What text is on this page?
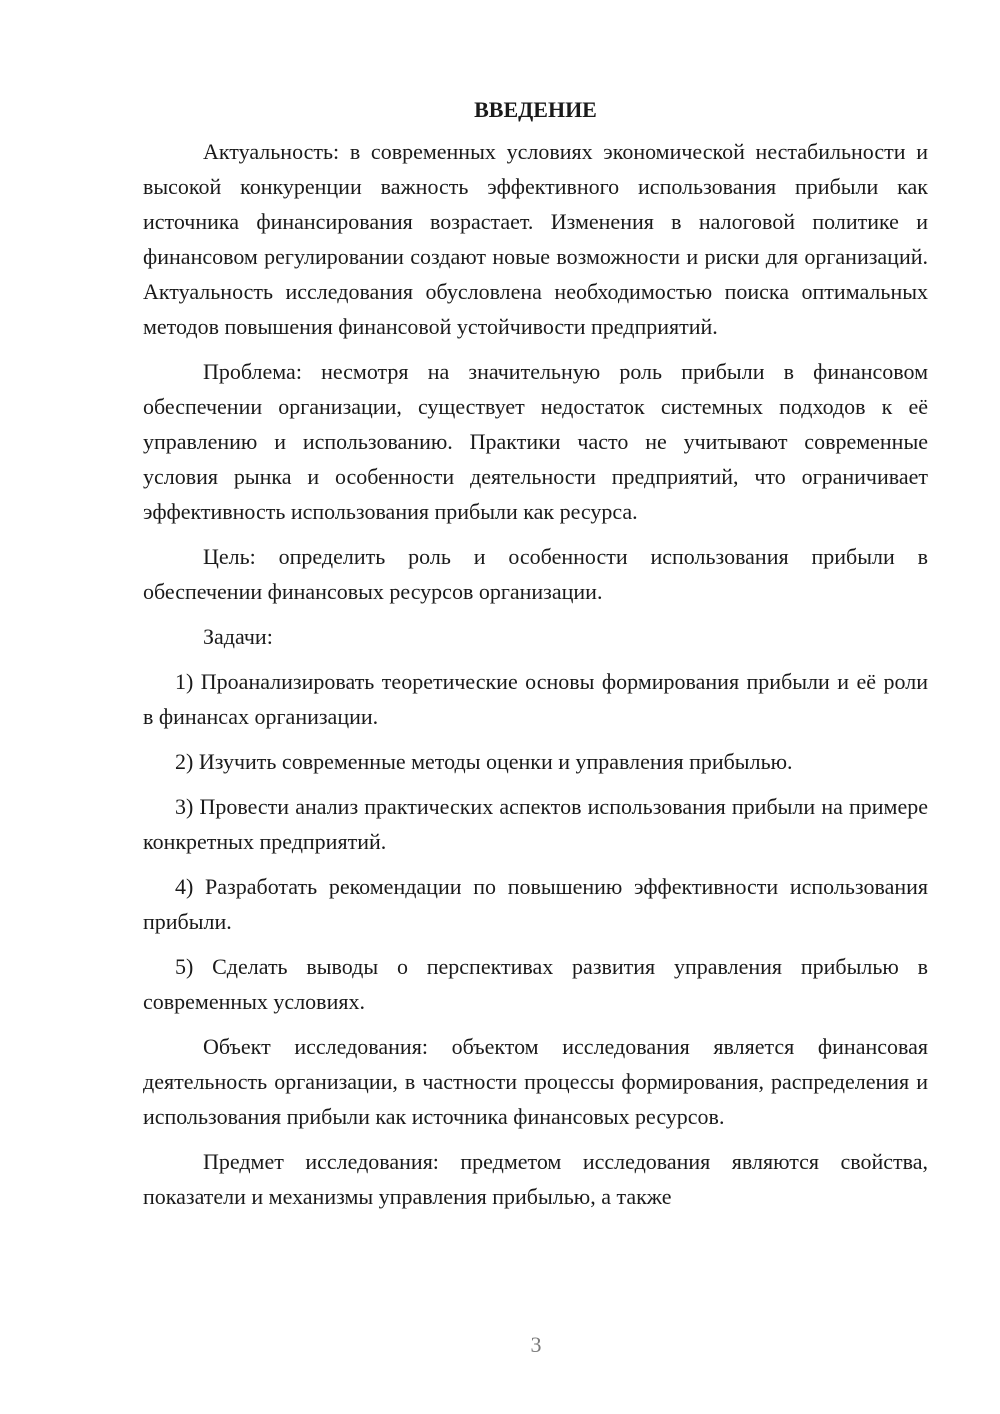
ВВЕДЕНИЕ

Актуальность: в современных условиях экономической нестабильности и высокой конкуренции важность эффективного использования прибыли как источника финансирования возрастает. Изменения в налоговой политике и финансовом регулировании создают новые возможности и риски для организаций. Актуальность исследования обусловлена необходимостью поиска оптимальных методов повышения финансовой устойчивости предприятий.

Проблема: несмотря на значительную роль прибыли в финансовом обеспечении организации, существует недостаток системных подходов к её управлению и использованию. Практики часто не учитывают современные условия рынка и особенности деятельности предприятий, что ограничивает эффективность использования прибыли как ресурса.

Цель: определить роль и особенности использования прибыли в обеспечении финансовых ресурсов организации.

Задачи:

1) Проанализировать теоретические основы формирования прибыли и её роли в финансах организации.

2) Изучить современные методы оценки и управления прибылью.

3) Провести анализ практических аспектов использования прибыли на примере конкретных предприятий.

4) Разработать рекомендации по повышению эффективности использования прибыли.

5) Сделать выводы о перспективах развития управления прибылью в современных условиях.

Объект исследования: объектом исследования является финансовая деятельность организации, в частности процессы формирования, распределения и использования прибыли как источника финансовых ресурсов.

Предмет исследования: предметом исследования являются свойства, показатели и механизмы управления прибылью, а также

3
